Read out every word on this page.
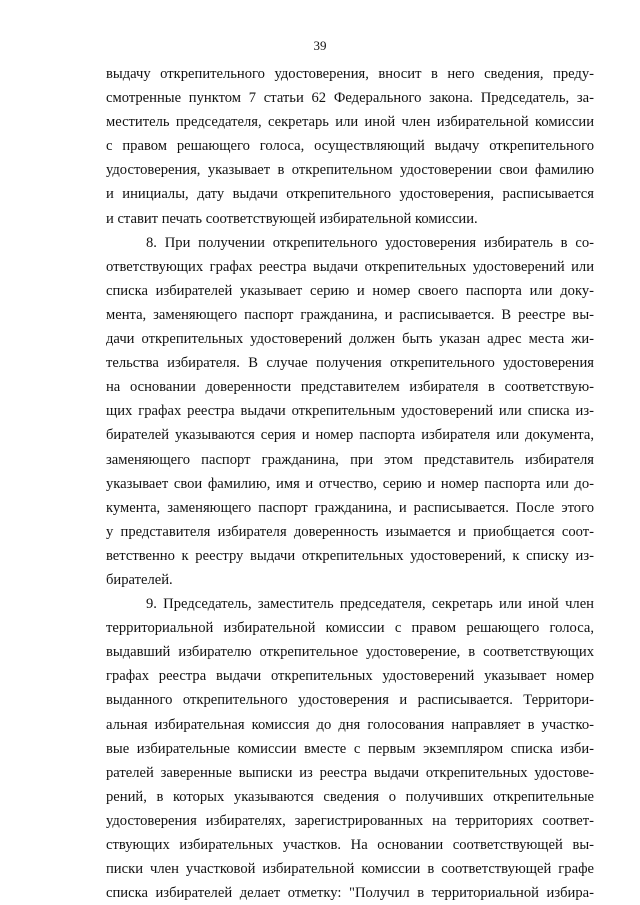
39
выдачу открепительного удостоверения, вносит в него сведения, преду-
смотренные пунктом 7 статьи 62 Федерального закона. Председатель, за-
меститель председателя, секретарь или иной член избирательной комиссии
с правом решающего голоса, осуществляющий выдачу открепительного
удостоверения, указывает в открепительном удостоверении свои фамилию
и инициалы, дату выдачи открепительного удостоверения, расписывается
и ставит печать соответствующей избирательной комиссии.
8. При получении открепительного удостоверения избиратель в со-
ответствующих графах реестра выдачи открепительных удостоверений или
списка избирателей указывает серию и номер своего паспорта или доку-
мента, заменяющего паспорт гражданина, и расписывается. В реестре вы-
дачи открепительных удостоверений должен быть указан адрес места жи-
тельства избирателя. В случае получения открепительного удостоверения
на основании доверенности представителем избирателя в соответствую-
щих графах реестра выдачи открепительным удостоверений или списка из-
бирателей указываются серия и номер паспорта избирателя или документа,
заменяющего паспорт гражданина, при этом представитель избирателя
указывает свои фамилию, имя и отчество, серию и номер паспорта или до-
кумента, заменяющего паспорт гражданина, и расписывается. После этого
у представителя избирателя доверенность изымается и приобщается соот-
ветственно к реестру выдачи открепительных удостоверений, к списку из-
бирателей.
9. Председатель, заместитель председателя, секретарь или иной член
территориальной избирательной комиссии с правом решающего голоса,
выдавший избирателю открепительное удостоверение, в соответствующих
графах реестра выдачи открепительных удостоверений указывает номер
выданного открепительного удостоверения и расписывается. Территори-
альная избирательная комиссия до дня голосования направляет в участко-
вые избирательные комиссии вместе с первым экземпляром списка изби-
рателей заверенные выписки из реестра выдачи открепительных удостове-
рений, в которых указываются сведения о получивших открепительные
удостоверения избирателях, зарегистрированных на территориях соответ-
ствующих избирательных участков. На основании соответствующей вы-
писки член участковой избирательной комиссии в соответствующей графе
списка избирателей делает отметку: "Получил в территориальной избира-
